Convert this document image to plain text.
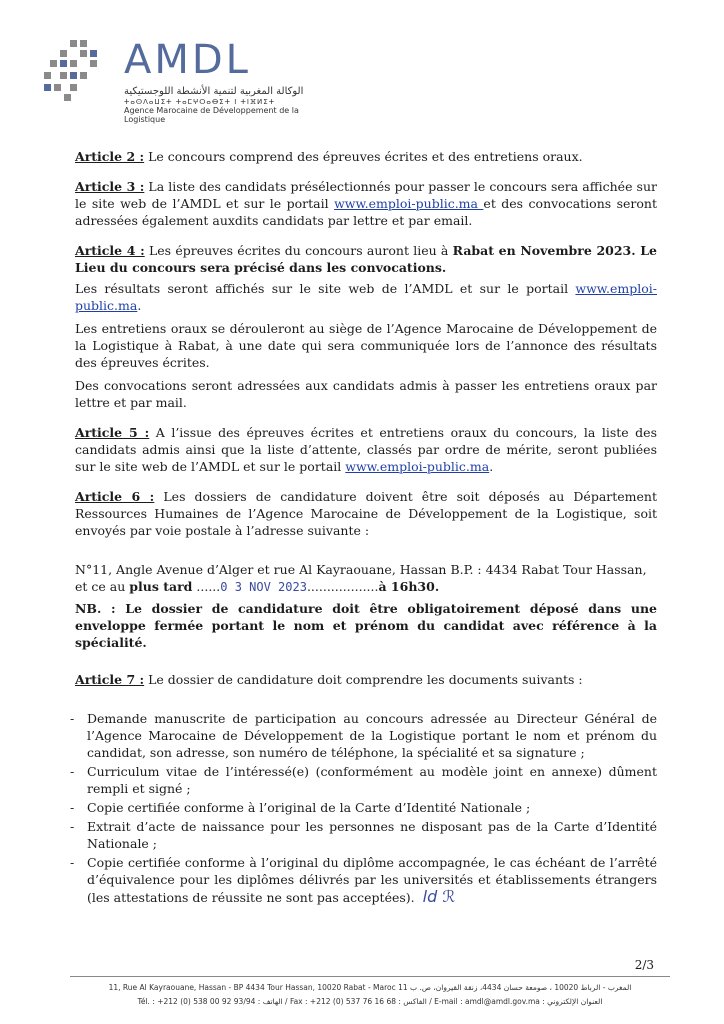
AMDL
الوكالة المغربية لتنمية الأنشطة اللوجستيكية
ⵜⴰⵙⴷⴰⵡⵉⵜ ⵜⴰⵎⵖⵔⴰⴱⵉⵜ ⵏ ⵜⵏⴼⵍⵉⵜ
Agence Marocaine de Développement de la Logistique

Article 2 : Le concours comprend des épreuves écrites et des entretiens oraux.

Article 3 : La liste des candidats présélectionnés pour passer le concours sera affichée sur le site web de l’AMDL et sur le portail www.emploi-public.ma et des convocations seront adressées également auxdits candidats par lettre et par email.

Article 4 : Les épreuves écrites du concours auront lieu à Rabat en Novembre 2023. Le Lieu du concours sera précisé dans les convocations.

Les résultats seront affichés sur le site web de l’AMDL et sur le portail www.emploi-public.ma.

Les entretiens oraux se dérouleront au siège de l’Agence Marocaine de Développement de la Logistique à Rabat, à une date qui sera communiquée lors de l’annonce des résultats des épreuves écrites.

Des convocations seront adressées aux candidats admis à passer les entretiens oraux par lettre et par mail.

Article 5 : A l’issue des épreuves écrites et entretiens oraux du concours, la liste des candidats admis ainsi que la liste d’attente, classés par ordre de mérite, seront publiées sur le site web de l’AMDL et sur le portail www.emploi-public.ma.

Article 6 : Les dossiers de candidature doivent être soit déposés au Département Ressources Humaines de l’Agence Marocaine de Développement de la Logistique, soit envoyés par voie postale à l’adresse suivante :

N°11, Angle Avenue d’Alger et rue Al Kayraouane, Hassan B.P. : 4434 Rabat Tour Hassan,
et ce au plus tard ......0 3 NOV 2023..................à 16h30.

NB. : Le dossier de candidature doit être obligatoirement déposé dans une enveloppe fermée portant le nom et prénom du candidat avec référence à la spécialité.

Article 7 : Le dossier de candidature doit comprendre les documents suivants :

- Demande manuscrite de participation au concours adressée au Directeur Général de l’Agence Marocaine de Développement de la Logistique portant le nom et prénom du candidat, son adresse, son numéro de téléphone, la spécialité et sa signature ;
- Curriculum vitae de l’intéressé(e) (conformément au modèle joint en annexe) dûment rempli et signé ;
- Copie certifiée conforme à l’original de la Carte d’Identité Nationale ;
- Extrait d’acte de naissance pour les personnes ne disposant pas de la Carte d’Identité Nationale ;
- Copie certifiée conforme à l’original du diplôme accompagnée, le cas échéant de l’arrêté d’équivalence pour les diplômes délivrés par les universités et établissements étrangers (les attestations de réussite ne sont pas acceptées). ld ℛ
2/3
11, Rue Al Kayraouane, Hassan - BP 4434 Tour Hassan, 10020 Rabat - Maroc المغرب - الرباط 10020 ، صومعة حسان 4434، زنقة القيروان، ص. ب 11
Tél. : +212 (0) 538 00 92 93/94 : الهاتف / Fax : +212 (0) 537 76 16 68 : الفاكس / E-mail : amdl@amdl.gov.ma : العنوان الإلكتروني
